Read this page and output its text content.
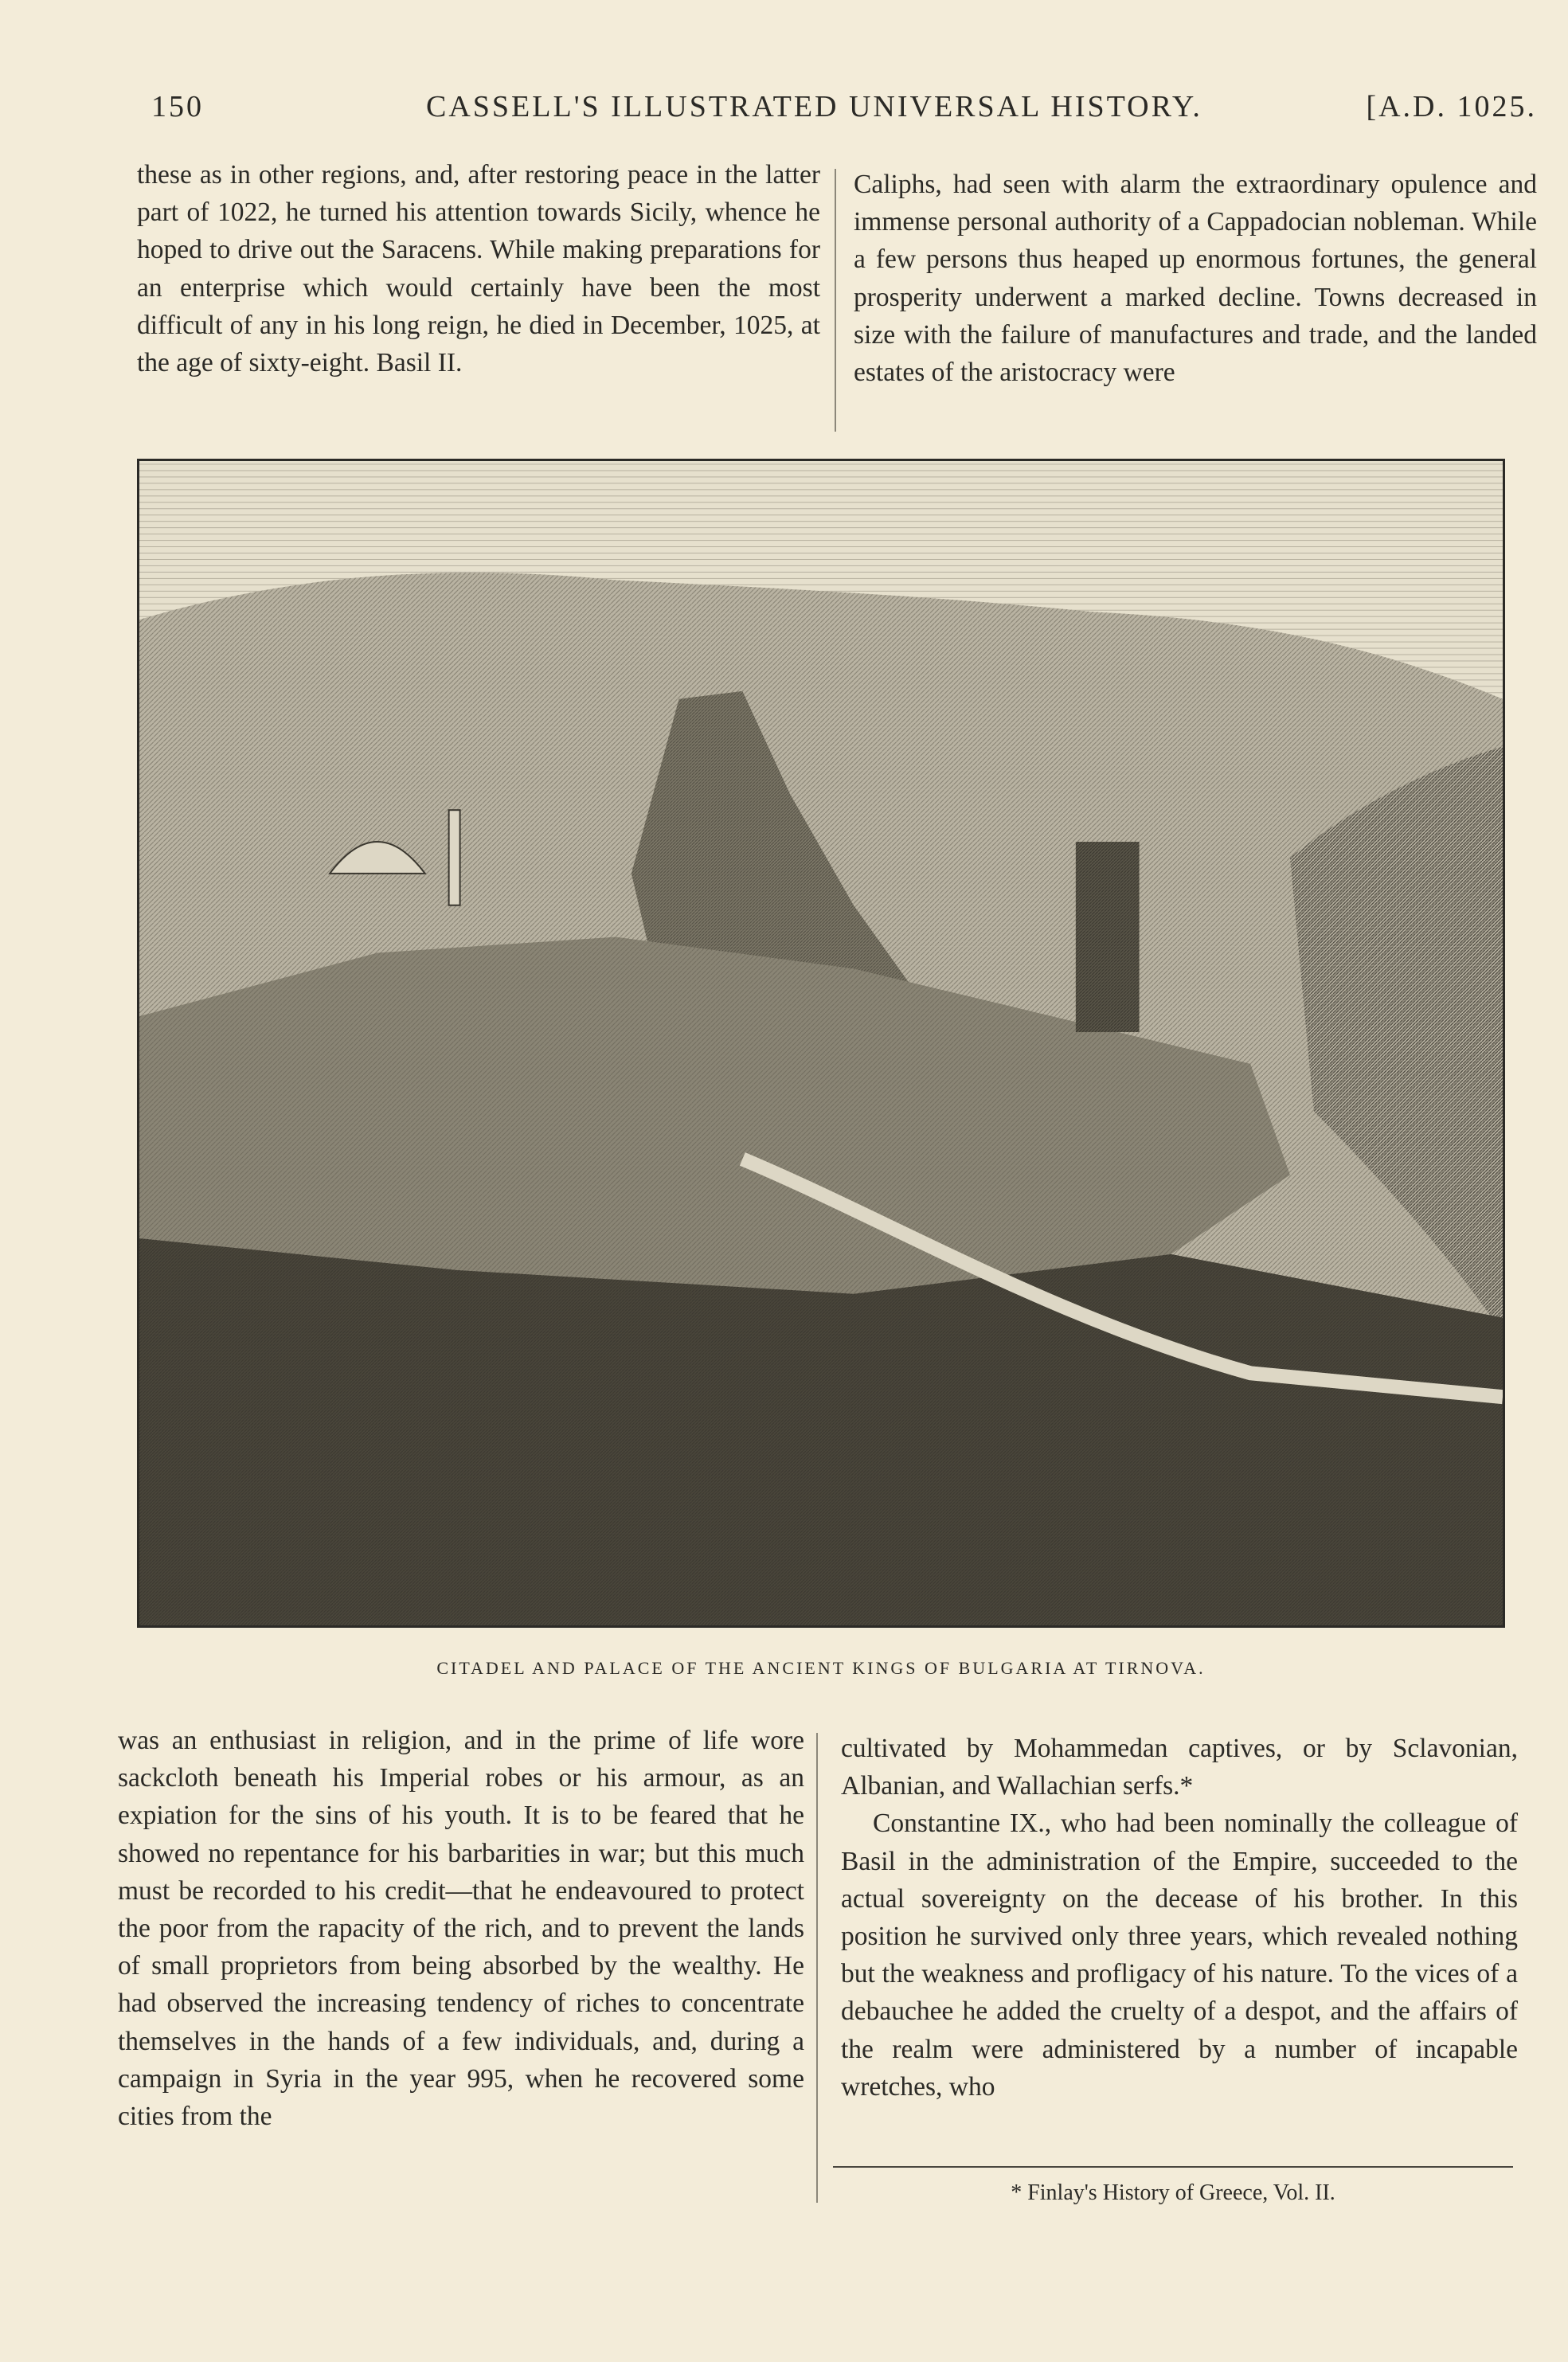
150	CASSELL'S ILLUSTRATED UNIVERSAL HISTORY.	[A.D. 1025.

these as in other regions, and, after restoring peace in the latter part of 1022, he turned his attention towards Sicily, whence he hoped to drive out the Saracens. While making preparations for an enterprise which would certainly have been the most difficult of any in his long reign, he died in December, 1025, at the age of sixty-eight. Basil II.

Caliphs, had seen with alarm the extraordinary opulence and immense personal authority of a Cappadocian nobleman. While a few persons thus heaped up enormous fortunes, the general prosperity underwent a marked decline. Towns decreased in size with the failure of manufactures and trade, and the landed estates of the aristocracy were

CITADEL AND PALACE OF THE ANCIENT KINGS OF BULGARIA AT TIRNOVA.

was an enthusiast in religion, and in the prime of life wore sackcloth beneath his Imperial robes or his armour, as an expiation for the sins of his youth. It is to be feared that he showed no repentance for his barbarities in war; but this much must be recorded to his credit—that he endeavoured to protect the poor from the rapacity of the rich, and to prevent the lands of small proprietors from being absorbed by the wealthy. He had observed the increasing tendency of riches to concentrate themselves in the hands of a few individuals, and, during a campaign in Syria in the year 995, when he recovered some cities from the

cultivated by Mohammedan captives, or by Sclavonian, Albanian, and Wallachian serfs.*

Constantine IX., who had been nominally the colleague of Basil in the administration of the Empire, succeeded to the actual sovereignty on the decease of his brother. In this position he survived only three years, which revealed nothing but the weakness and profligacy of his nature. To the vices of a debauchee he added the cruelty of a despot, and the affairs of the realm were administered by a number of incapable wretches, who

* Finlay's History of Greece, Vol. II.
